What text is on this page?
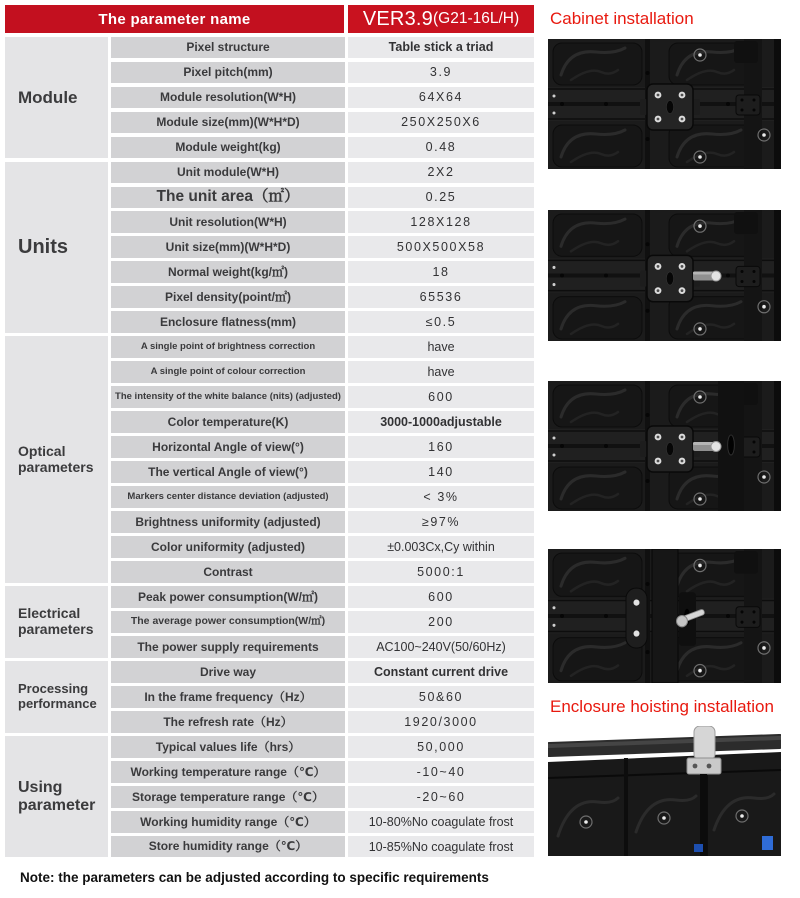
The parameter name	VER3.9 (G21-16L/H)
Module
Pixel structure	Table stick a triad
Pixel pitch(mm)	3.9
Module resolution(W*H)	64X64
Module size(mm)(W*H*D)	250X250X6
Module weight(kg)	0.48
Units
Unit module(W*H)	2X2
The unit area（㎡）	0.25
Unit resolution(W*H)	128X128
Unit size(mm)(W*H*D)	500X500X58
Normal weight(kg/㎡)	18
Pixel density(point/㎡)	65536
Enclosure flatness(mm)	≤0.5
Optical parameters
A single point of brightness correction	have
A single point of colour correction	have
The intensity of the white balance (nits) (adjusted)	600
Color temperature(K)	3000-1000adjustable
Horizontal Angle of view(°)	160
The vertical Angle of view(°)	140
Markers center distance deviation (adjusted)	< 3%
Brightness uniformity (adjusted)	≥97%
Color uniformity (adjusted)	±0.003Cx,Cy within
Contrast	5000:1
Electrical parameters
Peak power consumption(W/㎡)	600
The average power consumption(W/㎡)	200
The power supply requirements	AC100~240V(50/60Hz)
Processing performance
Drive way	Constant current drive
In the frame frequency（Hz）	50&60
The refresh rate（Hz）	1920/3000
Using parameter
Typical values life（hrs）	50,000
Working temperature range（℃）	-10~40
Storage temperature range（℃）	-20~60
Working humidity range（℃）	10-80%No coagulate frost
Store humidity range（℃）	10-85%No coagulate frost
Cabinet installation
Enclosure hoisting installation
Note: the parameters can be adjusted according to specific requirements
